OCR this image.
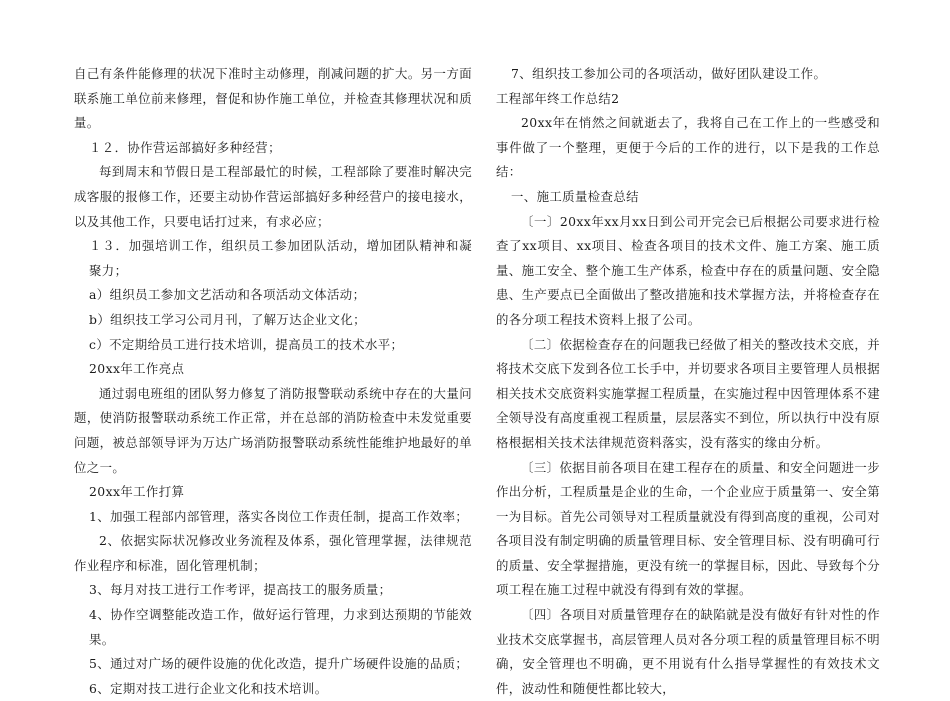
自己有条件能修理的状况下准时主动修理，削减问题的扩大。另一方面联系施工单位前来修理，督促和协作施工单位，并检查其修理状况和质量。

１２．协作营运部搞好多种经营；

每到周末和节假日是工程部最忙的时候，工程部除了要准时解决完成客服的报修工作，还要主动协作营运部搞好多种经营户的接电接水，以及其他工作，只要电话打过来，有求必应；

１３．加强培训工作，组织员工参加团队活动，增加团队精神和凝聚力；

a）组织员工参加文艺活动和各项活动文体活动；

b）组织技工学习公司月刊，了解万达企业文化；

c）不定期给员工进行技术培训，提高员工的技术水平；

20xx年工作亮点

通过弱电班组的团队努力修复了消防报警联动系统中存在的大量问题，使消防报警联动系统工作正常，并在总部的消防检查中未发觉重要问题，被总部领导评为万达广场消防报警联动系统性能维护地最好的单位之一。

20xx年工作打算

1、加强工程部内部管理，落实各岗位工作责任制，提高工作效率；

2、依据实际状况修改业务流程及体系，强化管理掌握，法律规范作业程序和标准，固化管理机制；

3、每月对技工进行工作考评，提高技工的服务质量；

4、协作空调整能改造工作，做好运行管理，力求到达预期的节能效果。

5、通过对广场的硬件设施的优化改造，提升广场硬件设施的品质；

6、定期对技工进行企业文化和技术培训。

7、组织技工参加公司的各项活动，做好团队建设工作。

工程部年终工作总结2

20xx年在悄然之间就逝去了，我将自己在工作上的一些感受和事件做了一个整理，更便于今后的工作的进行，以下是我的工作总结：

一、施工质量检查总结

〔一〕20xx年xx月xx日到公司开完会已后根据公司要求进行检查了xx项目、xx项目、检查各项目的技术文件、施工方案、施工质量、施工安全、整个施工生产体系，检查中存在的质量问题、安全隐患、生产要点已全面做出了整改措施和技术掌握方法，并将检查存在的各分项工程技术资料上报了公司。

〔二〕依据检查存在的问题我已经做了相关的整改技术交底，并将技术交底下发到各位工长手中，并切要求各项目主要管理人员根据相关技术交底资料实施掌握工程质量，在实施过程中因管理体系不建全领导没有高度重视工程质量，层层落实不到位，所以执行中没有原格根据相关技术法律规范资料落实，没有落实的缘由分析。

〔三〕依据目前各项目在建工程存在的质量、和安全问题进一步作出分析，工程质量是企业的生命，一个企业应于质量第一、安全第一为目标。首先公司领导对工程质量就没有得到高度的重视，公司对各项目没有制定明确的质量管理目标、安全管理目标、没有明确可行的质量、安全掌握措施，更没有统一的掌握目标，因此、导致每个分项工程在施工过程中就没有得到有效的掌握。

〔四〕各项目对质量管理存在的缺陷就是没有做好有针对性的作业技术交底掌握书，高层管理人员对各分项工程的质量管理目标不明确，安全管理也不明确，更不用说有什么指导掌握性的有效技术文件，波动性和随便性都比较大，
